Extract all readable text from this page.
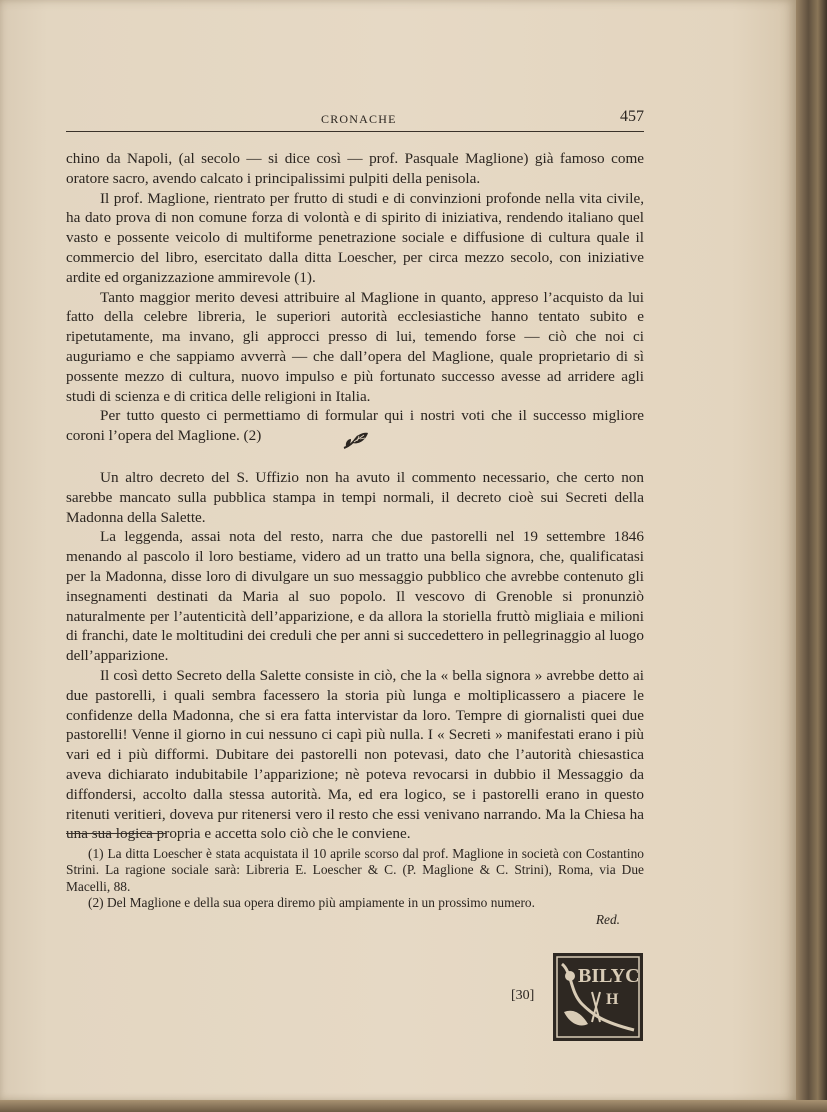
CRONACHE	457

chino da Napoli, (al secolo — si dice così — prof. Pasquale Maglione) già famoso come oratore sacro, avendo calcato i principalissimi pulpiti della penisola.

Il prof. Maglione, rientrato per frutto di studi e di convinzioni profonde nella vita civile, ha dato prova di non comune forza di volontà e di spirito di iniziativa, rendendo italiano quel vasto e possente veicolo di multiforme penetrazione sociale e diffusione di cultura quale il commercio del libro, esercitato dalla ditta Loescher, per circa mezzo secolo, con iniziative ardite ed organizzazione ammirevole (1).

Tanto maggior merito devesi attribuire al Maglione in quanto, appreso l’acquisto da lui fatto della celebre libreria, le superiori autorità ecclesiastiche hanno tentato subito e ripetutamente, ma invano, gli approcci presso di lui, temendo forse — ciò che noi ci auguriamo e che sappiamo avverrà — che dall’opera del Maglione, quale proprietario di sì possente mezzo di cultura, nuovo impulso e più fortunato successo avesse ad arridere agli studi di scienza e di critica delle religioni in Italia.

Per tutto questo ci permettiamo di formular qui i nostri voti che il successo migliore coroni l’opera del Maglione. (2)

Un altro decreto del S. Uffizio non ha avuto il commento necessario, che certo non sarebbe mancato sulla pubblica stampa in tempi normali, il decreto cioè sui Secreti della Madonna della Salette.

La leggenda, assai nota del resto, narra che due pastorelli nel 19 settembre 1846 menando al pascolo il loro bestiame, videro ad un tratto una bella signora, che, qualificatasi per la Madonna, disse loro di divulgare un suo messaggio pubblico che avrebbe contenuto gli insegnamenti destinati da Maria al suo popolo. Il vescovo di Grenoble si pronunziò naturalmente per l’autenticità dell’apparizione, e da allora la storiella fruttò migliaia e milioni di franchi, date le moltitudini dei creduli che per anni si succedettero in pellegrinaggio al luogo dell’apparizione.

Il così detto Secreto della Salette consiste in ciò, che la « bella signora » avrebbe detto ai due pastorelli, i quali sembra facessero la storia più lunga e moltiplicassero a piacere le confidenze della Madonna, che si era fatta intervistar da loro. Tempre di giornalisti quei due pastorelli! Venne il giorno in cui nessuno ci capì più nulla. I « Secreti » manifestati erano i più vari ed i più difformi. Dubitare dei pastorelli non potevasi, dato che l’autorità chiesastica aveva dichiarato indubitabile l’apparizione; nè poteva revocarsi in dubbio il Messaggio da diffondersi, accolto dalla stessa autorità. Ma, ed era logico, se i pastorelli erano in questo ritenuti veritieri, doveva pur ritenersi vero il resto che essi venivano narrando. Ma la Chiesa ha una sua logica propria e accetta solo ciò che le conviene.

(1) La ditta Loescher è stata acquistata il 10 aprile scorso dal prof. Maglione in società con Costantino Strini. La ragione sociale sarà: Libreria E. Loescher & C. (P. Maglione & C. Strini), Roma, via Due Macelli, 88.

(2) Del Maglione e della sua opera diremo più ampiamente in un prossimo numero.

Red.

[30]
BILYC
H
